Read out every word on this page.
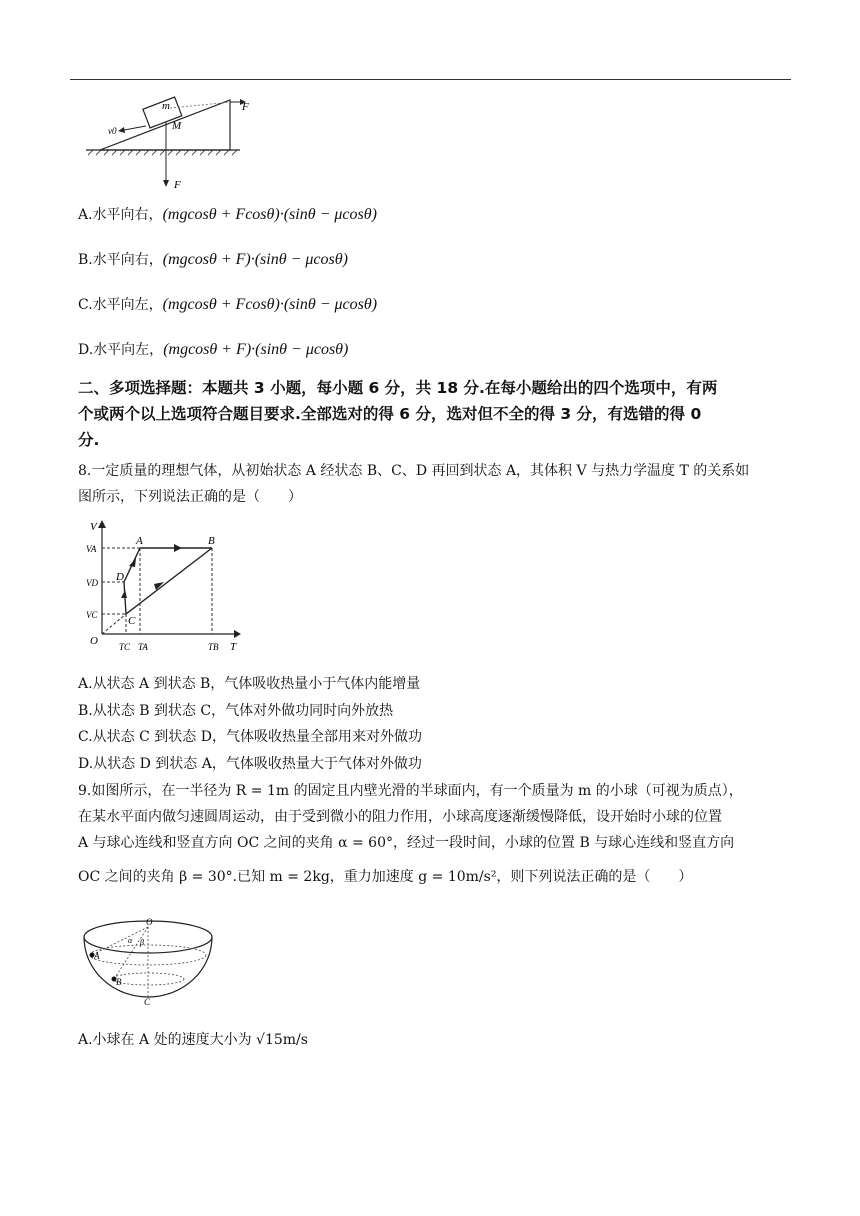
m
M
F
F
v0
A.水平向右，(mgcosθ + Fcosθ)·(sinθ − μcosθ)
B.水平向右，(mgcosθ + F)·(sinθ − μcosθ)
C.水平向左，(mgcosθ + Fcosθ)·(sinθ − μcosθ)
D.水平向左，(mgcosθ + F)·(sinθ − μcosθ)
二、多项选择题：本题共 3 小题，每小题 6 分，共 18 分.在每小题给出的四个选项中，有两
个或两个以上选项符合题目要求.全部选对的得 6 分，选对但不全的得 3 分，有选错的得 0
分.
8.一定质量的理想气体，从初始状态 A 经状态 B、C、D 再回到状态 A，其体积 V 与热力学温度 T 的关系如
图所示，下列说法正确的是（　　）
V
T
O
VA
VD
VC
TC TA	TB
A	B
C
D
A.从状态 A 到状态 B，气体吸收热量小于气体内能增量
B.从状态 B 到状态 C，气体对外做功同时向外放热
C.从状态 C 到状态 D，气体吸收热量全部用来对外做功
D.从状态 D 到状态 A，气体吸收热量大于气体对外做功
9.如图所示，在一半径为 R = 1m 的固定且内壁光滑的半球面内，有一个质量为 m 的小球（可视为质点），
在某水平面内做匀速圆周运动，由于受到微小的阻力作用，小球高度逐渐缓慢降低，设开始时小球的位置
A 与球心连线和竖直方向 OC 之间的夹角 α = 60°，经过一段时间，小球的位置 B 与球心连线和竖直方向
OC 之间的夹角 β = 30°.已知 m = 2kg，重力加速度 g = 10m/s²，则下列说法正确的是（　　）
O
A
B
C
α β
A.小球在 A 处的速度大小为 √15m/s
